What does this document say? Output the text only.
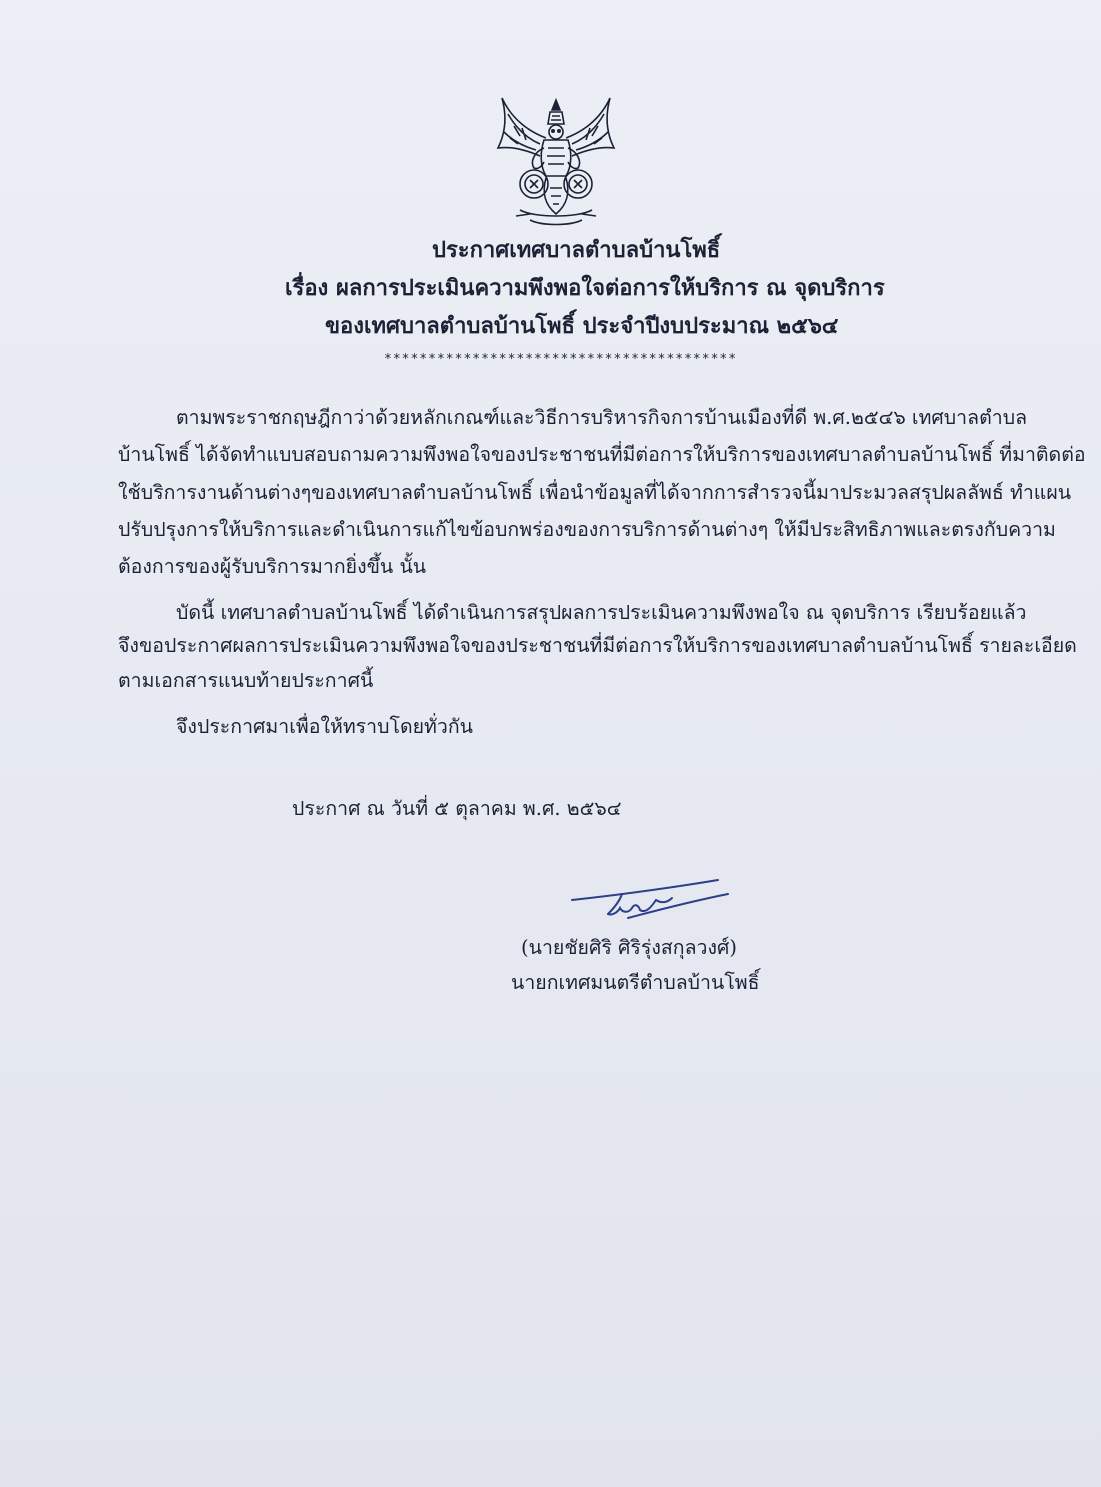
ประกาศเทศบาลตำบลบ้านโพธิ์
เรื่อง ผลการประเมินความพึงพอใจต่อการให้บริการ ณ จุดบริการ
ของเทศบาลตำบลบ้านโพธิ์ ประจำปีงบประมาณ ๒๕๖๔
****************************************
ตามพระราชกฤษฎีกาว่าด้วยหลักเกณฑ์และวิธีการบริหารกิจการบ้านเมืองที่ดี พ.ศ.๒๕๔๖ เทศบาลตำบล
บ้านโพธิ์ ได้จัดทำแบบสอบถามความพึงพอใจของประชาชนที่มีต่อการให้บริการของเทศบาลตำบลบ้านโพธิ์ ที่มาติดต่อ
ใช้บริการงานด้านต่างๆของเทศบาลตำบลบ้านโพธิ์ เพื่อนำข้อมูลที่ได้จากการสำรวจนี้มาประมวลสรุปผลลัพธ์ ทำแผน
ปรับปรุงการให้บริการและดำเนินการแก้ไขข้อบกพร่องของการบริการด้านต่างๆ ให้มีประสิทธิภาพและตรงกับความ
ต้องการของผู้รับบริการมากยิ่งขึ้น นั้น
บัดนี้ เทศบาลตำบลบ้านโพธิ์ ได้ดำเนินการสรุปผลการประเมินความพึงพอใจ ณ จุดบริการ เรียบร้อยแล้ว
จึงขอประกาศผลการประเมินความพึงพอใจของประชาชนที่มีต่อการให้บริการของเทศบาลตำบลบ้านโพธิ์ รายละเอียด
ตามเอกสารแนบท้ายประกาศนี้
จึงประกาศมาเพื่อให้ทราบโดยทั่วกัน
ประกาศ ณ วันที่ ๕ ตุลาคม พ.ศ. ๒๕๖๔
(นายชัยศิริ ศิริรุ่งสกุลวงศ์)
นายกเทศมนตรีตำบลบ้านโพธิ์
